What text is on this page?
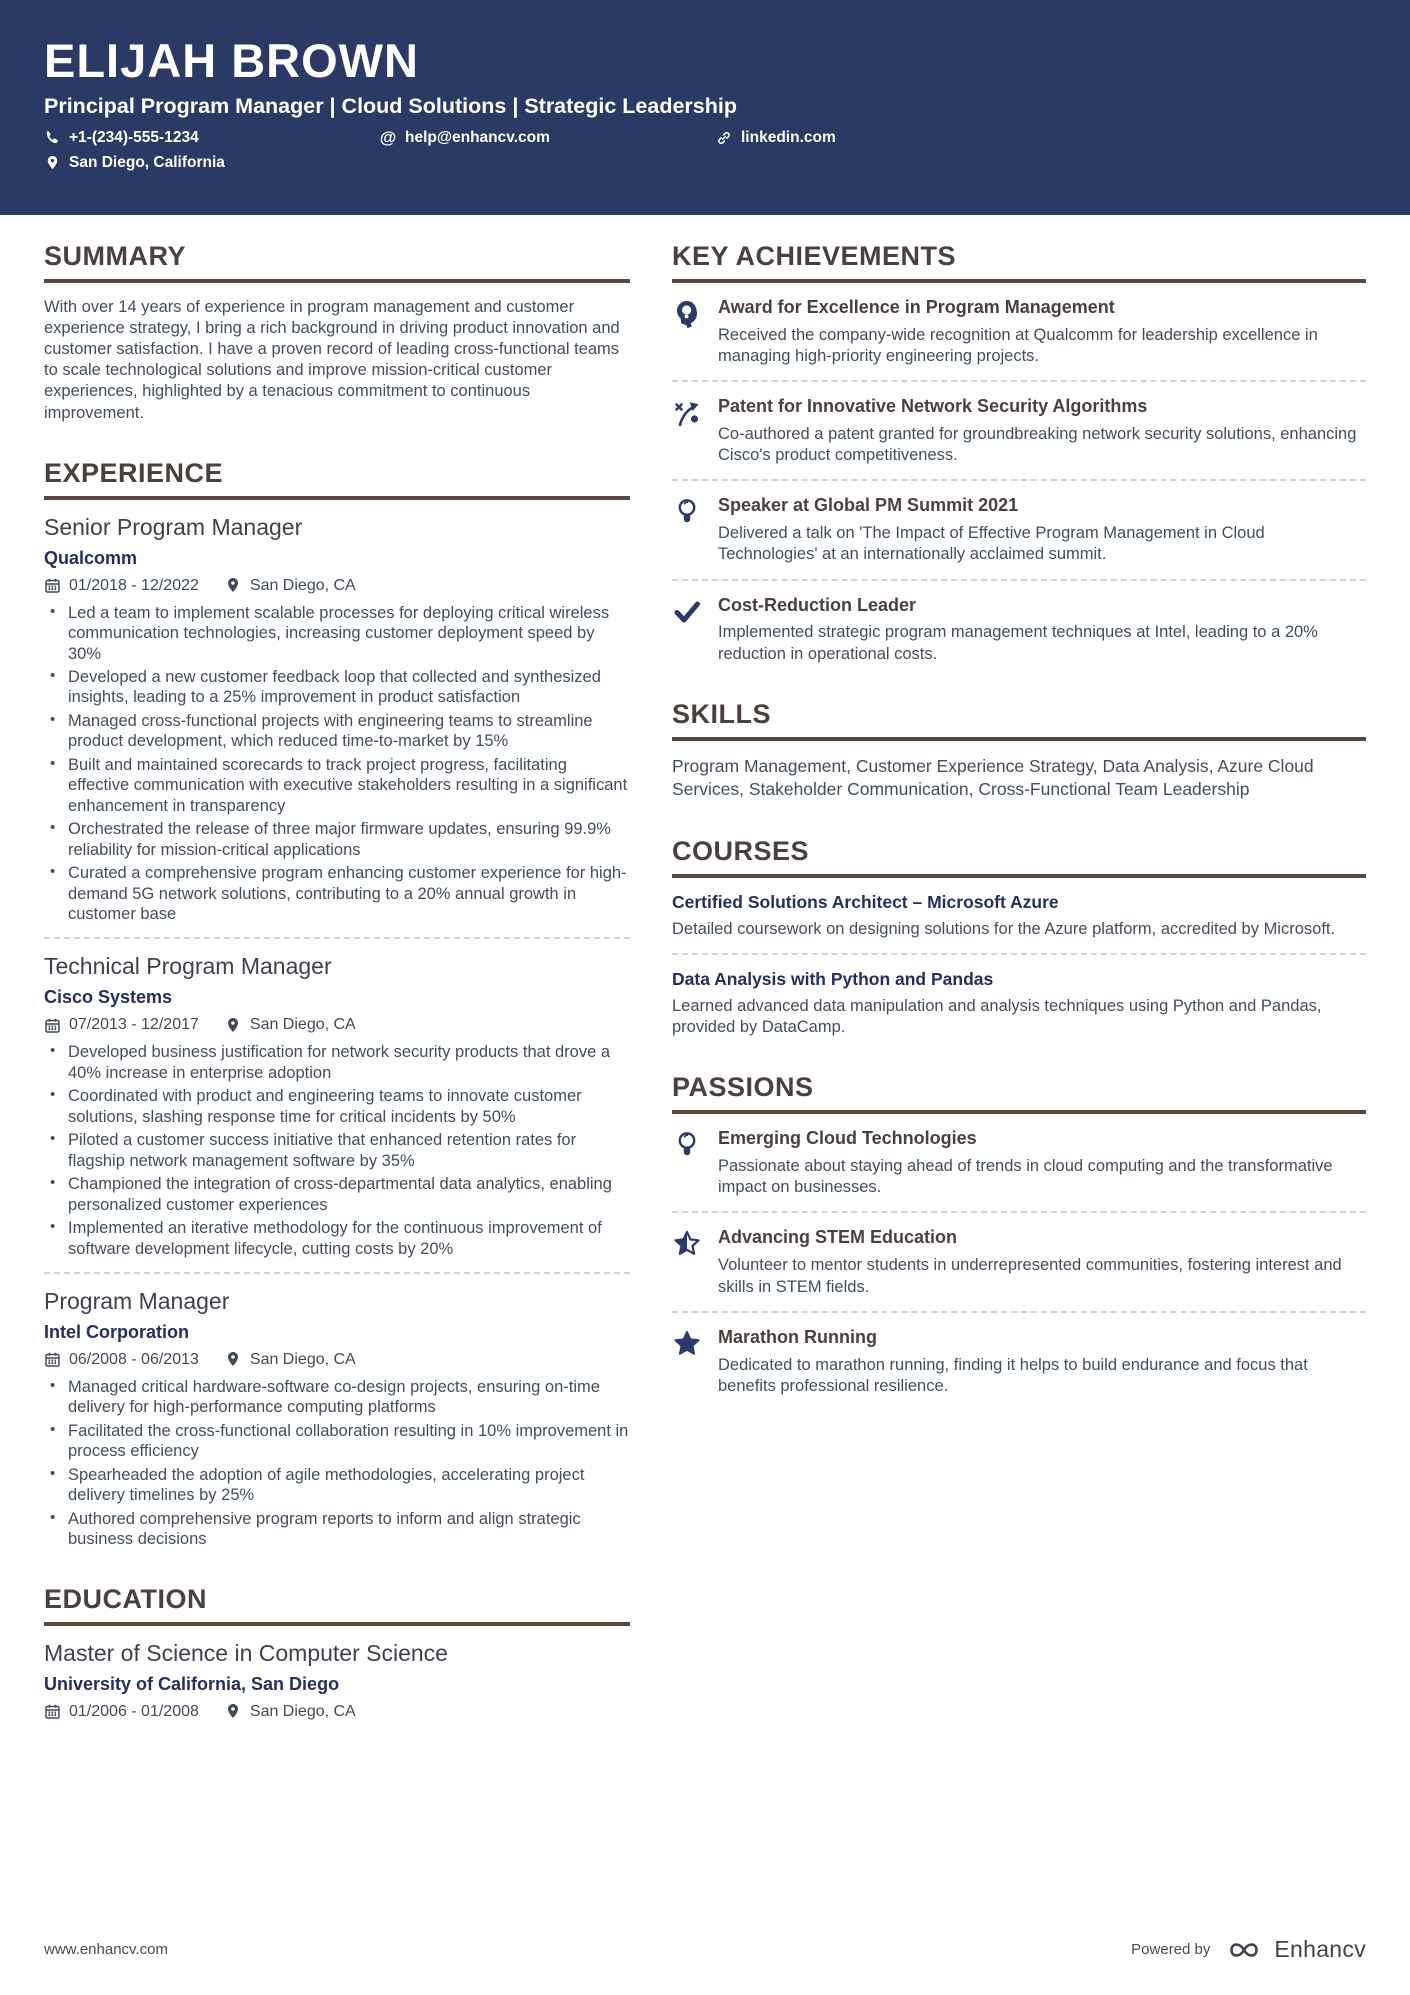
ELIJAH BROWN
Principal Program Manager | Cloud Solutions | Strategic Leadership
+1-(234)-555-1234	@ help@enhancv.com	linkedin.com
San Diego, California
SUMMARY

With over 14 years of experience in program management and customer experience strategy, I bring a rich background in driving product innovation and customer satisfaction. I have a proven record of leading cross-functional teams to scale technological solutions and improve mission-critical customer experiences, highlighted by a tenacious commitment to continuous improvement.

EXPERIENCE
Senior Program Manager
Qualcomm
01/2018 - 12/2022	San Diego, CA
• Led a team to implement scalable processes for deploying critical wireless communication technologies, increasing customer deployment speed by 30%
• Developed a new customer feedback loop that collected and synthesized insights, leading to a 25% improvement in product satisfaction
• Managed cross-functional projects with engineering teams to streamline product development, which reduced time-to-market by 15%
• Built and maintained scorecards to track project progress, facilitating effective communication with executive stakeholders resulting in a significant enhancement in transparency
• Orchestrated the release of three major firmware updates, ensuring 99.9% reliability for mission-critical applications
• Curated a comprehensive program enhancing customer experience for high-demand 5G network solutions, contributing to a 20% annual growth in customer base
Technical Program Manager
Cisco Systems
07/2013 - 12/2017	San Diego, CA
• Developed business justification for network security products that drove a 40% increase in enterprise adoption
• Coordinated with product and engineering teams to innovate customer solutions, slashing response time for critical incidents by 50%
• Piloted a customer success initiative that enhanced retention rates for flagship network management software by 35%
• Championed the integration of cross-departmental data analytics, enabling personalized customer experiences
• Implemented an iterative methodology for the continuous improvement of software development lifecycle, cutting costs by 20%
Program Manager
Intel Corporation
06/2008 - 06/2013	San Diego, CA
• Managed critical hardware-software co-design projects, ensuring on-time delivery for high-performance computing platforms
• Facilitated the cross-functional collaboration resulting in 10% improvement in process efficiency
• Spearheaded the adoption of agile methodologies, accelerating project delivery timelines by 25%
• Authored comprehensive program reports to inform and align strategic business decisions
EDUCATION
Master of Science in Computer Science
University of California, San Diego
01/2006 - 01/2008	San Diego, CA
KEY ACHIEVEMENTS
Award for Excellence in Program Management
Received the company-wide recognition at Qualcomm for leadership excellence in managing high-priority engineering projects.
Patent for Innovative Network Security Algorithms
Co-authored a patent granted for groundbreaking network security solutions, enhancing Cisco's product competitiveness.
Speaker at Global PM Summit 2021
Delivered a talk on 'The Impact of Effective Program Management in Cloud Technologies' at an internationally acclaimed summit.
Cost-Reduction Leader
Implemented strategic program management techniques at Intel, leading to a 20% reduction in operational costs.
SKILLS

Program Management, Customer Experience Strategy, Data Analysis, Azure Cloud Services, Stakeholder Communication, Cross-Functional Team Leadership

COURSES
Certified Solutions Architect – Microsoft Azure
Detailed coursework on designing solutions for the Azure platform, accredited by Microsoft.
Data Analysis with Python and Pandas
Learned advanced data manipulation and analysis techniques using Python and Pandas, provided by DataCamp.
PASSIONS
Emerging Cloud Technologies
Passionate about staying ahead of trends in cloud computing and the transformative impact on businesses.
Advancing STEM Education
Volunteer to mentor students in underrepresented communities, fostering interest and skills in STEM fields.
Marathon Running
Dedicated to marathon running, finding it helps to build endurance and focus that benefits professional resilience.
www.enhancv.com	Powered by	Enhancv
